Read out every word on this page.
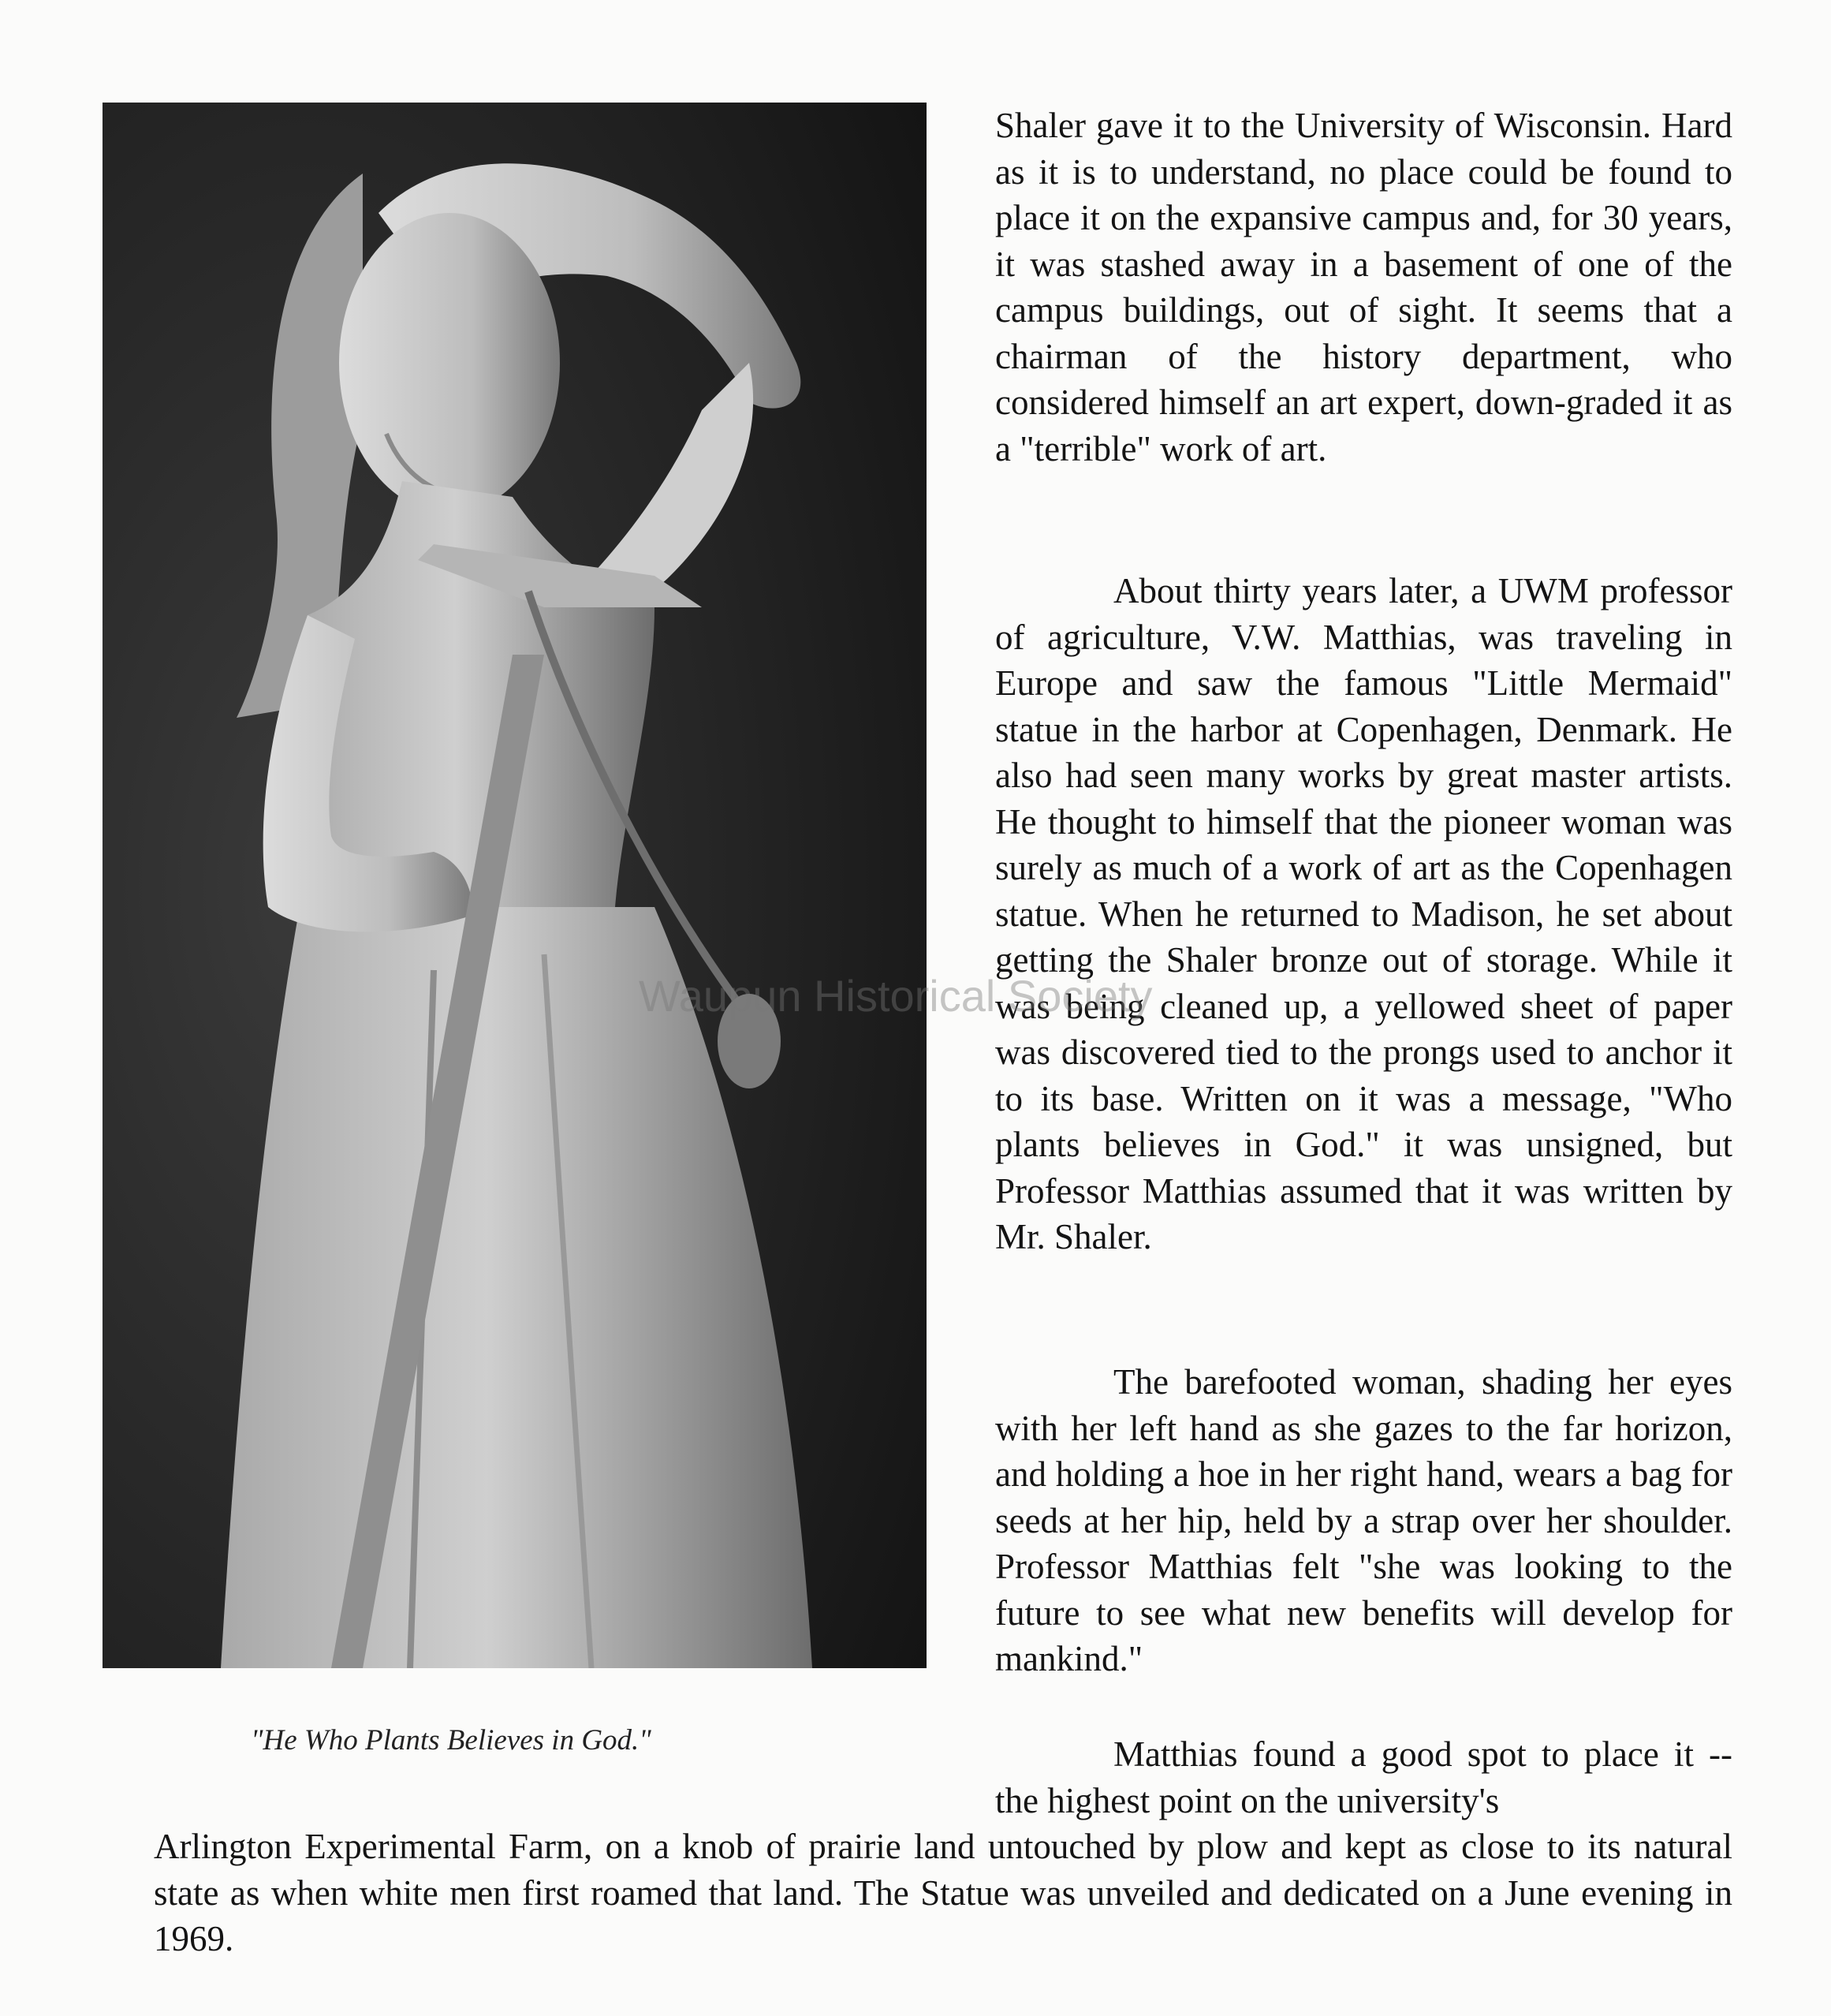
"He Who Plants Believes in God."

Shaler gave it to the University of Wisconsin. Hard as it is to understand, no place could be found to place it on the expansive campus and, for 30 years, it was stashed away in a basement of one of the campus buildings, out of sight. It seems that a chairman of the history department, who considered himself an art expert, down-graded it as a "terrible" work of art.

About thirty years later, a UWM professor of agriculture, V.W. Matthias, was traveling in Europe and saw the famous "Little Mermaid" statue in the harbor at Copenhagen, Denmark. He also had seen many works by great master artists. He thought to himself that the pioneer woman was surely as much of a work of art as the Copenhagen statue. When he returned to Madison, he set about getting the Shaler bronze out of storage. While it was being cleaned up, a yellowed sheet of paper was discovered tied to the prongs used to anchor it to its base. Written on it was a message, "Who plants believes in God." it was unsigned, but Professor Matthias assumed that it was written by Mr. Shaler.

The barefooted woman, shading her eyes with her left hand as she gazes to the far horizon, and holding a hoe in her right hand, wears a bag for seeds at her hip, held by a strap over her shoulder. Professor Matthias felt "she was looking to the future to see what new benefits will develop for mankind."

Matthias found a good spot to place it -- the highest point on the university's

Arlington Experimental Farm, on a knob of prairie land untouched by plow and kept as close to its natural state as when white men first roamed that land. The Statue was unveiled and dedicated on a June evening in 1969.

Waupun Historical Society
